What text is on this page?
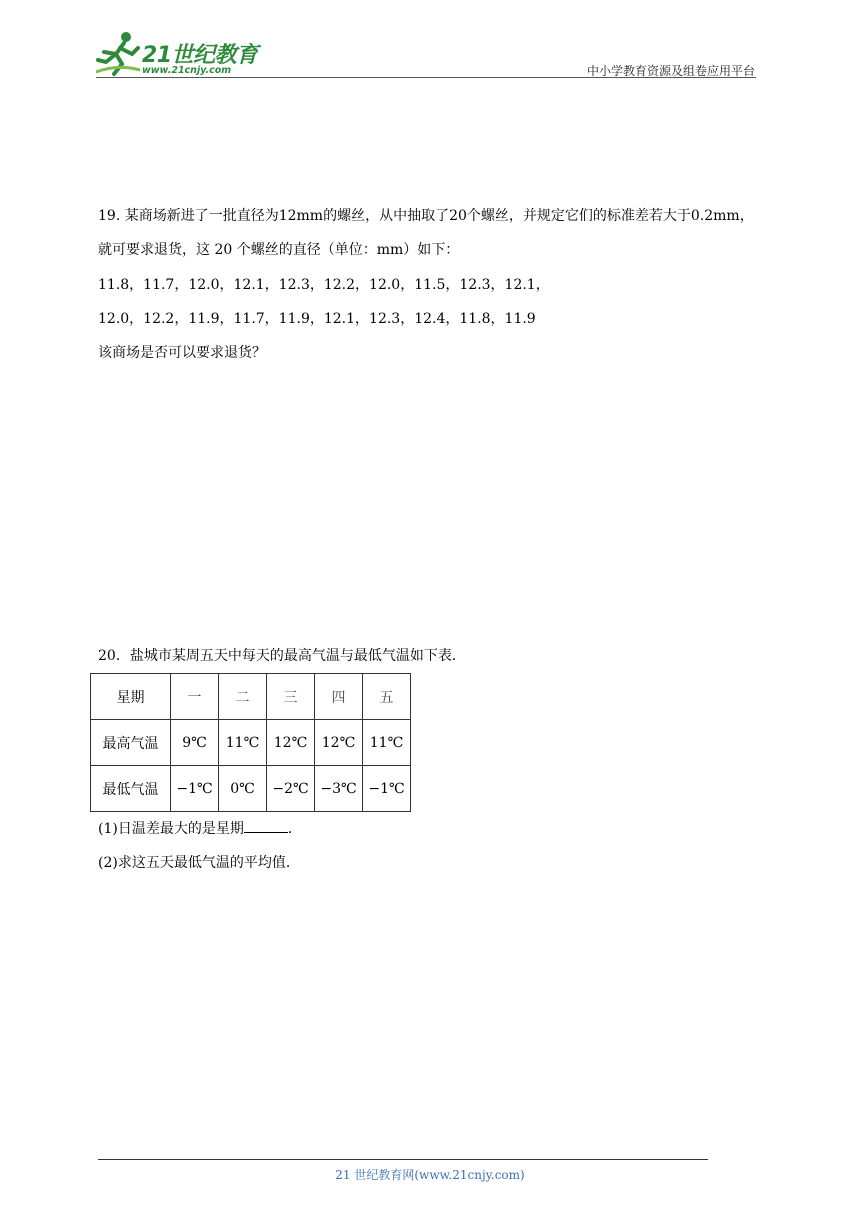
21世纪教育
www.21cnjy.com	中小学教育资源及组卷应用平台
19. 某商场新进了一批直径为12mm的螺丝，从中抽取了20个螺丝，并规定它们的标准差若大于0.2mm，
就可要求退货，这 20 个螺丝的直径（单位：mm）如下：
11.8，11.7，12.0，12.1，12.3，12.2，12.0，11.5，12.3，12.1，
12.0，12.2，11.9，11.7，11.9，12.1，12.3，12.4，11.8，11.9
该商场是否可以要求退货？
20．盐城市某周五天中每天的最高气温与最低气温如下表．
星期	一	二	三	四	五
最高气温	9℃	11℃	12℃	12℃	11℃
最低气温	−1℃	0℃	−2℃	−3℃	−1℃
(1)日温差最大的是星期	．
(2)求这五天最低气温的平均值．
21 世纪教育网(www.21cnjy.com)
